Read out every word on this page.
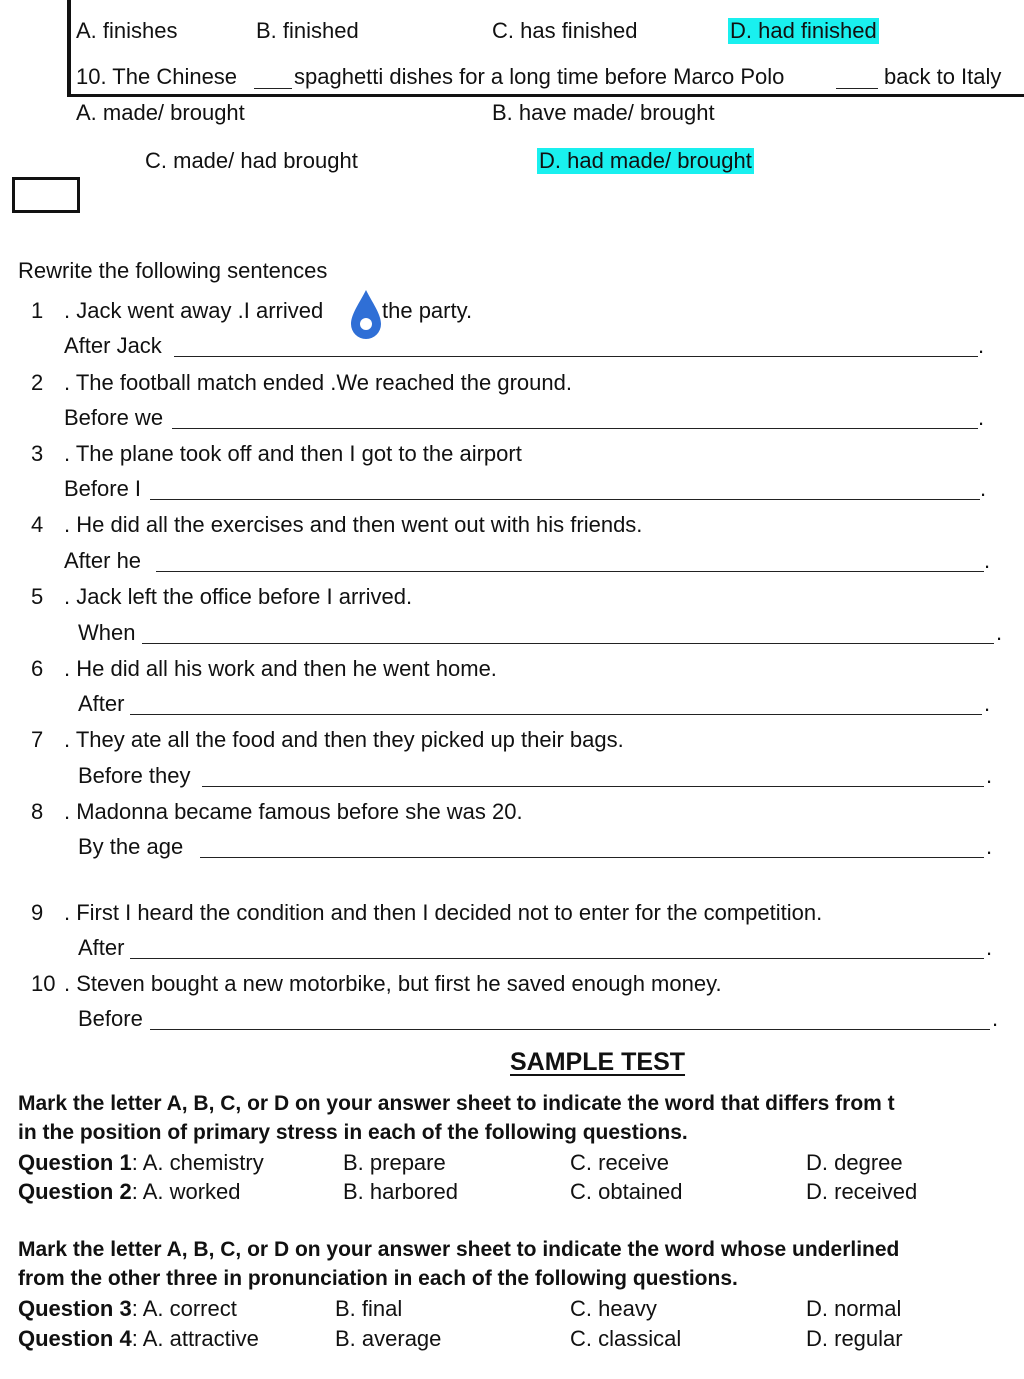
A. finishes	B. finished	C. has finished	D. had finished
10. The Chinese	spaghetti dishes for a long time before Marco Polo	back to Italy
A. made/ brought	B. have made/ brought
C. made/ had brought	D. had made/ brought
Rewrite the following sentences
1 . Jack went away .I arrived	the party.
After Jack	.
2 . The football match ended .We reached the ground.
Before we	.
3 . The plane took off and then I got to the airport
Before I	.
4 . He did all the exercises and then went out with his friends.
After he	.
5 . Jack left the office before I arrived.
When	.
6 . He did all his work and then he went home.
After	.
7 . They ate all the food and then they picked up their bags.
Before they	.
8 . Madonna became famous before she was 20.
By the age	.
9 . First I heard the condition and then I decided not to enter for the competition.
After	.
10 . Steven bought a new motorbike, but first he saved enough money.
Before	.
SAMPLE TEST
Mark the letter A, B, C, or D on your answer sheet to indicate the word that differs from t
in the position of primary stress in each of the following questions.
Question 1: A. chemistry	B. prepare	C. receive	D. degree
Question 2: A. worked	B. harbored	C. obtained	D. received
Mark the letter A, B, C, or D on your answer sheet to indicate the word whose underlined
from the other three in pronunciation in each of the following questions.
Question 3: A. correct	B. final	C. heavy	D. normal
Question 4: A. attractive	B. average	C. classical	D. regular
